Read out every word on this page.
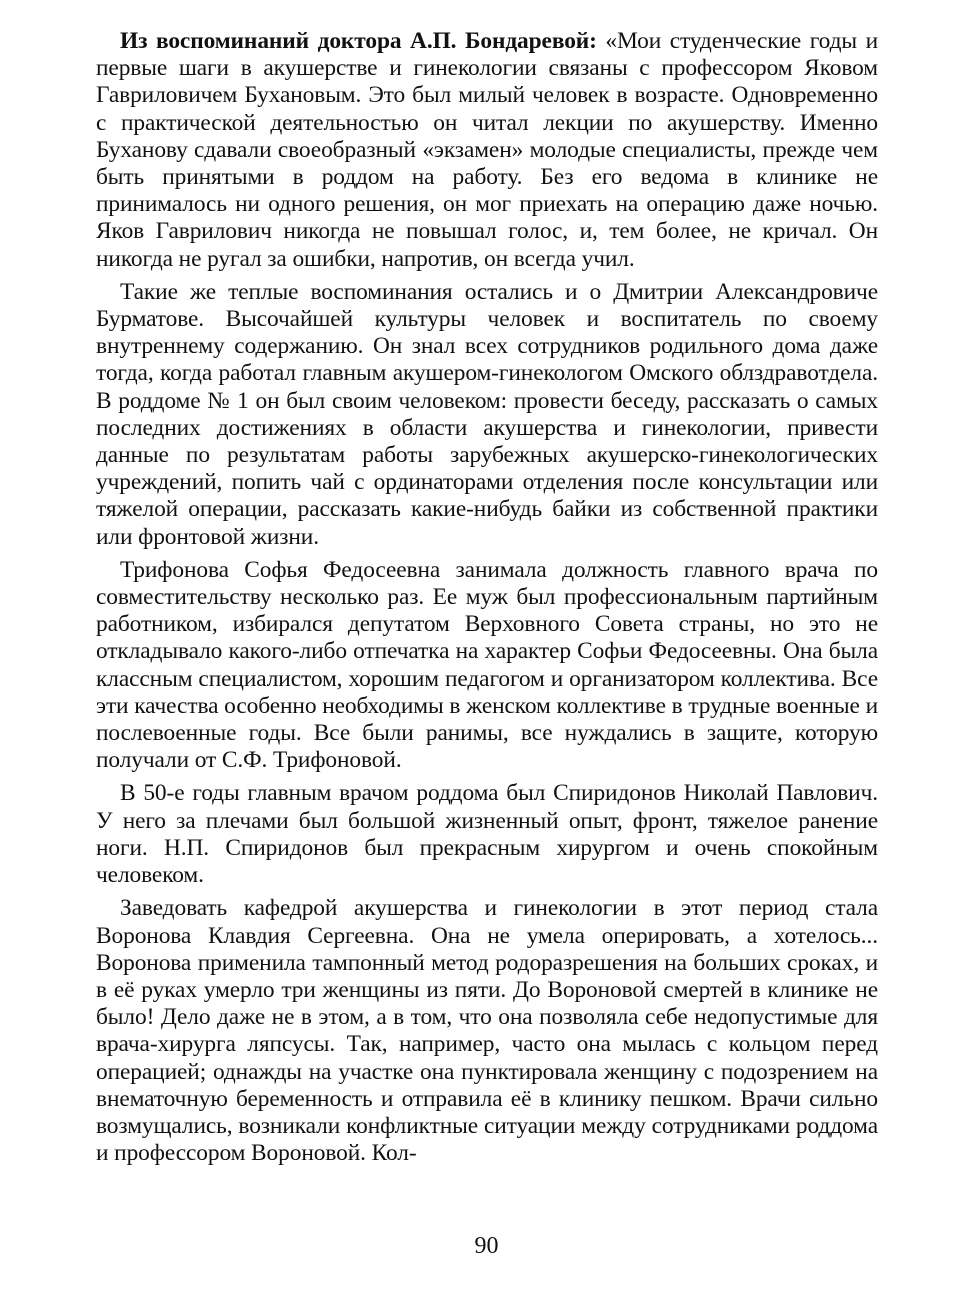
Из воспоминаний доктора А.П. Бондаревой: «Мои студенческие годы и первые шаги в акушерстве и гинекологии связаны с профессором Яковом Гавриловичем Бухановым. Это был милый человек в возрасте. Одновременно с практической деятельностью он читал лекции по акушерству. Именно Буханову сдавали своеобразный «экзамен» молодые специалисты, прежде чем быть принятыми в роддом на работу. Без его ведома в клинике не принималось ни одного решения, он мог приехать на операцию даже ночью. Яков Гаврилович никогда не повышал голос, и, тем более, не кричал. Он никогда не ругал за ошибки, напротив, он всегда учил.

Такие же теплые воспоминания остались и о Дмитрии Александровиче Бурматове. Высочайшей культуры человек и воспитатель по своему внутреннему содержанию. Он знал всех сотрудников родильного дома даже тогда, когда работал главным акушером-гинекологом Омского облздравотдела. В роддоме № 1 он был своим человеком: провести беседу, рассказать о самых последних достижениях в области акушерства и гинекологии, привести данные по результатам работы зарубежных акушерско-гинекологических учреждений, попить чай с ординаторами отделения после консультации или тяжелой операции, рассказать какие-нибудь байки из собственной практики или фронтовой жизни.

Трифонова Софья Федосеевна занимала должность главного врача по совместительству несколько раз. Ее муж был профессиональным партийным работником, избирался депутатом Верховного Совета страны, но это не откладывало какого-либо отпечатка на характер Софьи Федосеевны. Она была классным специалистом, хорошим педагогом и организатором коллектива. Все эти качества особенно необходимы в женском коллективе в трудные военные и послевоенные годы. Все были ранимы, все нуждались в защите, которую получали от С.Ф. Трифоновой.

В 50-е годы главным врачом роддома был Спиридонов Николай Павлович. У него за плечами был большой жизненный опыт, фронт, тяжелое ранение ноги. Н.П. Спиридонов был прекрасным хирургом и очень спокойным человеком.

Заведовать кафедрой акушерства и гинекологии в этот период стала Воронова Клавдия Сергеевна. Она не умела оперировать, а хотелось... Воронова применила тампонный метод родоразрешения на больших сроках, и в её руках умерло три женщины из пяти. До Вороновой смертей в клинике не было! Дело даже не в этом, а в том, что она позволяла себе недопустимые для врача-хирурга ляпсусы. Так, например, часто она мылась с кольцом перед операцией; однажды на участке она пунктировала женщину с подозрением на внематочную беременность и отправила её в клинику пешком. Врачи сильно возмущались, возникали конфликтные ситуации между сотрудниками роддома и профессором Вороновой. Кол-

90
